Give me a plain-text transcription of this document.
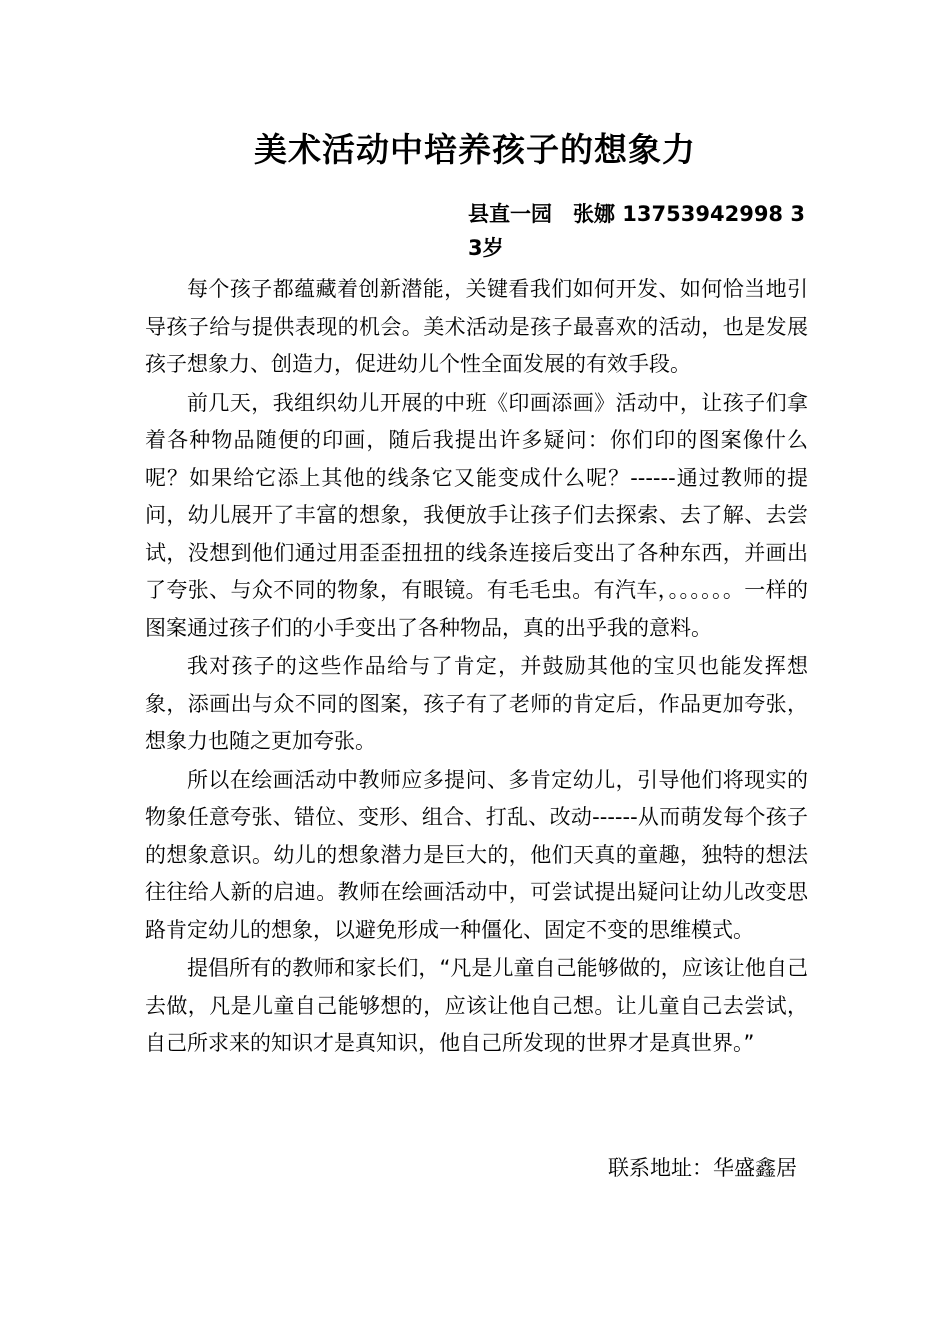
美术活动中培养孩子的想象力
县直一园　张娜 13753942998 33岁

每个孩子都蕴藏着创新潜能，关键看我们如何开发、如何恰当地引导孩子给与提供表现的机会。美术活动是孩子最喜欢的活动，也是发展孩子想象力、创造力，促进幼儿个性全面发展的有效手段。

前几天，我组织幼儿开展的中班《印画添画》活动中，让孩子们拿着各种物品随便的印画，随后我提出许多疑问：你们印的图案像什么呢？如果给它添上其他的线条它又能变成什么呢？------通过教师的提问，幼儿展开了丰富的想象，我便放手让孩子们去探索、去了解、去尝试，没想到他们通过用歪歪扭扭的线条连接后变出了各种东西，并画出了夸张、与众不同的物象，有眼镜。有毛毛虫。有汽车，。。。。。。一样的图案通过孩子们的小手变出了各种物品，真的出乎我的意料。

我对孩子的这些作品给与了肯定，并鼓励其他的宝贝也能发挥想象，添画出与众不同的图案，孩子有了老师的肯定后，作品更加夸张，想象力也随之更加夸张。

所以在绘画活动中教师应多提问、多肯定幼儿，引导他们将现实的物象任意夸张、错位、变形、组合、打乱、改动------从而萌发每个孩子的想象意识。幼儿的想象潜力是巨大的，他们天真的童趣，独特的想法往往给人新的启迪。教师在绘画活动中，可尝试提出疑问让幼儿改变思路肯定幼儿的想象，以避免形成一种僵化、固定不变的思维模式。

提倡所有的教师和家长们，“凡是儿童自己能够做的，应该让他自己去做，凡是儿童自己能够想的，应该让他自己想。让儿童自己去尝试，自己所求来的知识才是真知识，他自己所发现的世界才是真世界。”

联系地址：华盛鑫居
